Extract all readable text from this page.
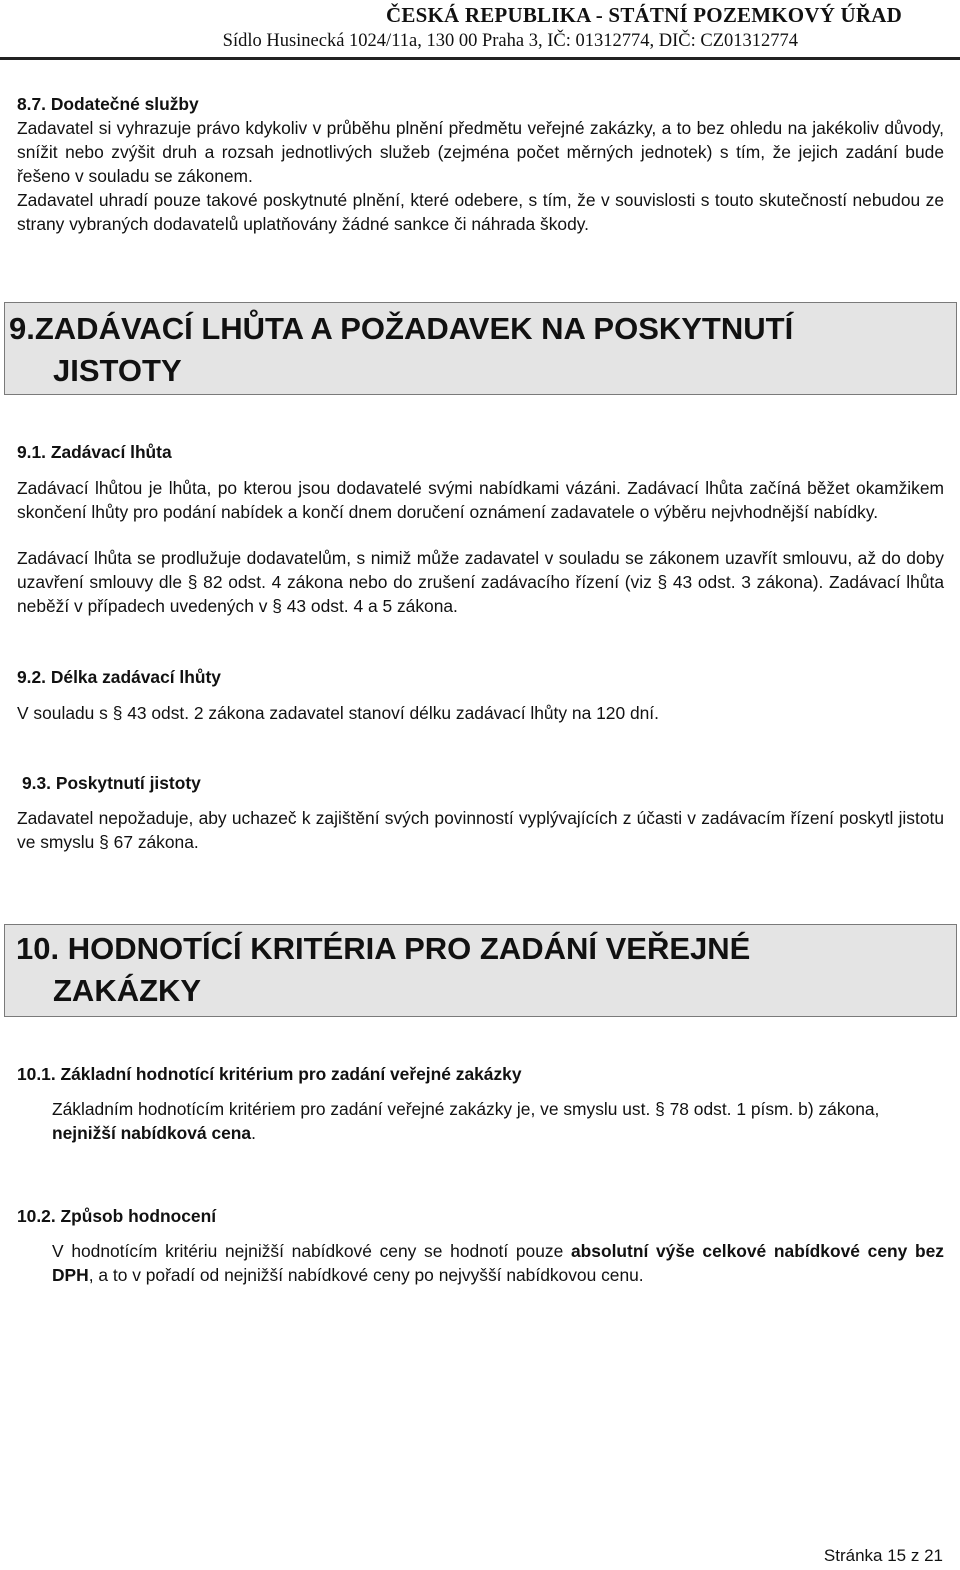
ČESKÁ REPUBLIKA - STÁTNÍ POZEMKOVÝ ÚŘAD
Sídlo Husinecká 1024/11a, 130 00 Praha 3, IČ: 01312774, DIČ: CZ01312774
8.7. Dodatečné služby
Zadavatel si vyhrazuje právo kdykoliv v průběhu plnění předmětu veřejné zakázky, a to bez ohledu na jakékoliv důvody, snížit nebo zvýšit druh a rozsah jednotlivých služeb (zejména počet měrných jednotek) s tím, že jejich zadání bude řešeno v souladu se zákonem.
Zadavatel uhradí pouze takové poskytnuté plnění, které odebere, s tím, že v souvislosti s touto skutečností nebudou ze strany vybraných dodavatelů uplatňovány žádné sankce či náhrada škody.
9.ZADÁVACÍ LHŮTA A POŽADAVEK NA POSKYTNUTÍ
JISTOTY
9.1. Zadávací lhůta
Zadávací lhůtou je lhůta, po kterou jsou dodavatelé svými nabídkami vázáni. Zadávací lhůta začíná běžet okamžikem skončení lhůty pro podání nabídek a končí dnem doručení oznámení zadavatele o výběru nejvhodnější nabídky.
Zadávací lhůta se prodlužuje dodavatelům, s nimiž může zadavatel v souladu se zákonem uzavřít smlouvu, až do doby uzavření smlouvy dle § 82 odst. 4 zákona nebo do zrušení zadávacího řízení (viz § 43 odst. 3 zákona). Zadávací lhůta neběží v případech uvedených v § 43 odst. 4 a 5 zákona.
9.2. Délka zadávací lhůty
V souladu s § 43 odst. 2 zákona zadavatel stanoví délku zadávací lhůty na 120 dní.
9.3. Poskytnutí jistoty
Zadavatel nepožaduje, aby uchazeč k zajištění svých povinností vyplývajících z účasti v zadávacím řízení poskytl jistotu ve smyslu § 67 zákona.
10. HODNOTÍCÍ KRITÉRIA PRO ZADÁNÍ VEŘEJNÉ
ZAKÁZKY
10.1. Základní hodnotící kritérium pro zadání veřejné zakázky
Základním hodnotícím kritériem pro zadání veřejné zakázky je, ve smyslu ust. § 78 odst. 1 písm. b) zákona, nejnižší nabídková cena.
10.2. Způsob hodnocení
V hodnotícím kritériu nejnižší nabídkové ceny se hodnotí pouze absolutní výše celkové nabídkové ceny bez DPH, a to v pořadí od nejnižší nabídkové ceny po nejvyšší nabídkovou cenu.
Stránka 15 z 21
